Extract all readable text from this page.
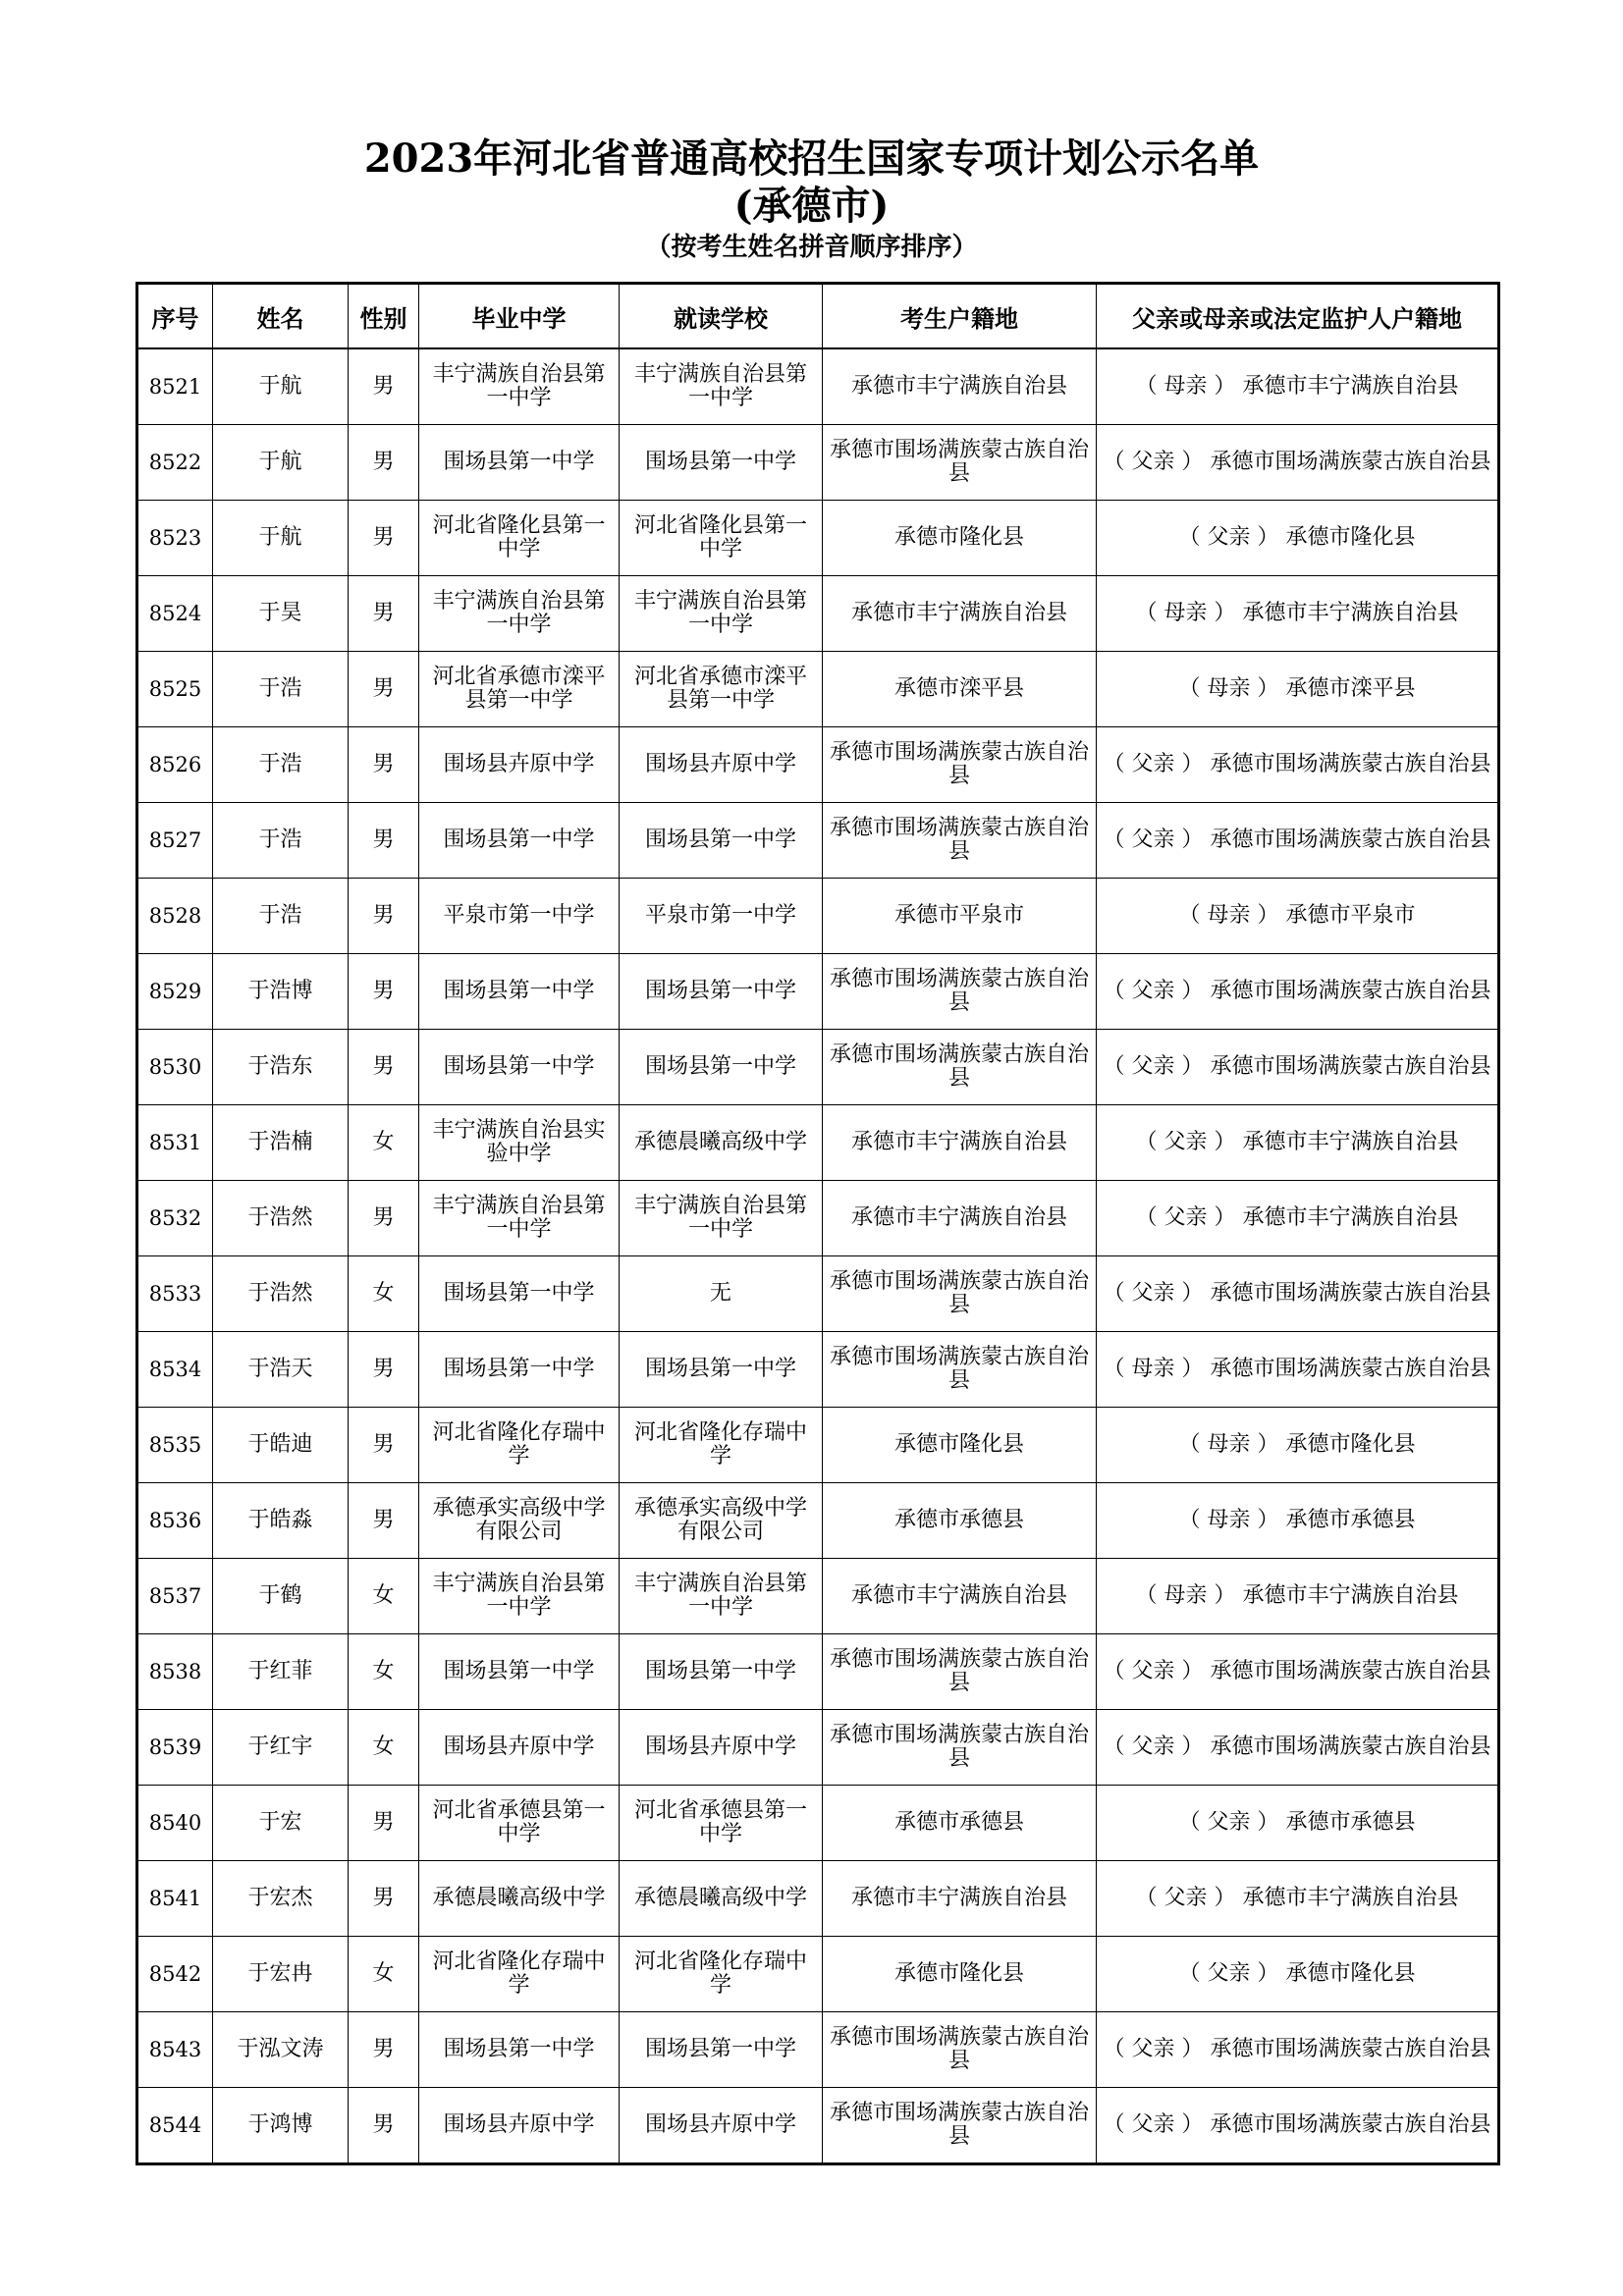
2023年河北省普通高校招生国家专项计划公示名单
(承德市)
（按考生姓名拼音顺序排序）
序号	姓名	性别	毕业中学	就读学校	考生户籍地	父亲或母亲或法定监护人户籍地
8521	于航	男	丰宁满族自治县第一中学	丰宁满族自治县第一中学	承德市丰宁满族自治县	（ 母亲 ） 承德市丰宁满族自治县
8522	于航	男	围场县第一中学	围场县第一中学	承德市围场满族蒙古族自治县	（ 父亲 ） 承德市围场满族蒙古族自治县
8523	于航	男	河北省隆化县第一中学	河北省隆化县第一中学	承德市隆化县	（ 父亲 ） 承德市隆化县
8524	于昊	男	丰宁满族自治县第一中学	丰宁满族自治县第一中学	承德市丰宁满族自治县	（ 母亲 ） 承德市丰宁满族自治县
8525	于浩	男	河北省承德市滦平县第一中学	河北省承德市滦平县第一中学	承德市滦平县	（ 母亲 ） 承德市滦平县
8526	于浩	男	围场县卉原中学	围场县卉原中学	承德市围场满族蒙古族自治县	（ 父亲 ） 承德市围场满族蒙古族自治县
8527	于浩	男	围场县第一中学	围场县第一中学	承德市围场满族蒙古族自治县	（ 父亲 ） 承德市围场满族蒙古族自治县
8528	于浩	男	平泉市第一中学	平泉市第一中学	承德市平泉市	（ 母亲 ） 承德市平泉市
8529	于浩博	男	围场县第一中学	围场县第一中学	承德市围场满族蒙古族自治县	（ 父亲 ） 承德市围场满族蒙古族自治县
8530	于浩东	男	围场县第一中学	围场县第一中学	承德市围场满族蒙古族自治县	（ 父亲 ） 承德市围场满族蒙古族自治县
8531	于浩楠	女	丰宁满族自治县实验中学	承德晨曦高级中学	承德市丰宁满族自治县	（ 父亲 ） 承德市丰宁满族自治县
8532	于浩然	男	丰宁满族自治县第一中学	丰宁满族自治县第一中学	承德市丰宁满族自治县	（ 父亲 ） 承德市丰宁满族自治县
8533	于浩然	女	围场县第一中学	无	承德市围场满族蒙古族自治县	（ 父亲 ） 承德市围场满族蒙古族自治县
8534	于浩天	男	围场县第一中学	围场县第一中学	承德市围场满族蒙古族自治县	（ 母亲 ） 承德市围场满族蒙古族自治县
8535	于皓迪	男	河北省隆化存瑞中学	河北省隆化存瑞中学	承德市隆化县	（ 母亲 ） 承德市隆化县
8536	于皓淼	男	承德承实高级中学有限公司	承德承实高级中学有限公司	承德市承德县	（ 母亲 ） 承德市承德县
8537	于鹤	女	丰宁满族自治县第一中学	丰宁满族自治县第一中学	承德市丰宁满族自治县	（ 母亲 ） 承德市丰宁满族自治县
8538	于红菲	女	围场县第一中学	围场县第一中学	承德市围场满族蒙古族自治县	（ 父亲 ） 承德市围场满族蒙古族自治县
8539	于红宇	女	围场县卉原中学	围场县卉原中学	承德市围场满族蒙古族自治县	（ 父亲 ） 承德市围场满族蒙古族自治县
8540	于宏	男	河北省承德县第一中学	河北省承德县第一中学	承德市承德县	（ 父亲 ） 承德市承德县
8541	于宏杰	男	承德晨曦高级中学	承德晨曦高级中学	承德市丰宁满族自治县	（ 父亲 ） 承德市丰宁满族自治县
8542	于宏冉	女	河北省隆化存瑞中学	河北省隆化存瑞中学	承德市隆化县	（ 父亲 ） 承德市隆化县
8543	于泓文涛	男	围场县第一中学	围场县第一中学	承德市围场满族蒙古族自治县	（ 父亲 ） 承德市围场满族蒙古族自治县
8544	于鸿博	男	围场县卉原中学	围场县卉原中学	承德市围场满族蒙古族自治县	（ 父亲 ） 承德市围场满族蒙古族自治县
